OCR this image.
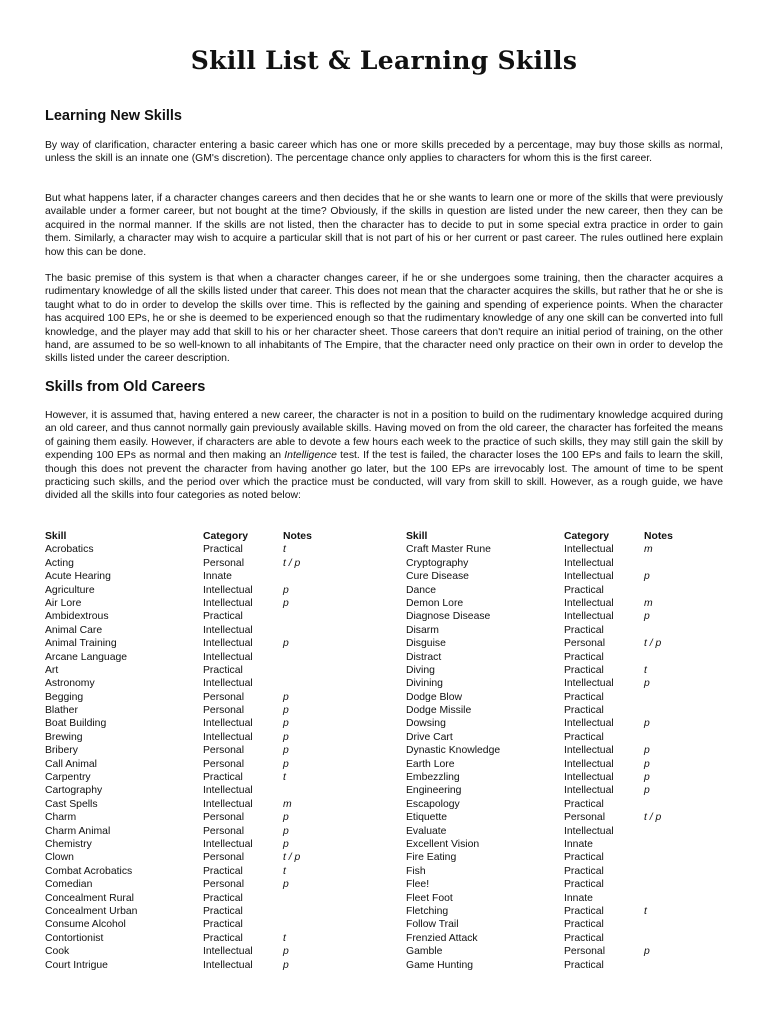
Skill List & Learning Skills
Learning New Skills

By way of clarification, character entering a basic career which has one or more skills preceded by a percentage, may buy those skills as normal, unless the skill is an innate one (GM's discretion). The percentage chance only applies to characters for whom this is the first career.

But what happens later, if a character changes careers and then decides that he or she wants to learn one or more of the skills that were previously available under a former career, but not bought at the time? Obviously, if the skills in question are listed under the new career, then they can be acquired in the normal manner. If the skills are not listed, then the character has to decide to put in some special extra practice in order to gain them. Similarly, a character may wish to acquire a particular skill that is not part of his or her current or past career. The rules outlined here explain how this can be done.

The basic premise of this system is that when a character changes career, if he or she undergoes some training, then the character acquires a rudimentary knowledge of all the skills listed under that career. This does not mean that the character acquires the skills, but rather that he or she is taught what to do in order to develop the skills over time. This is reflected by the gaining and spending of experience points. When the character has acquired 100 EPs, he or she is deemed to be experienced enough so that the rudimentary knowledge of any one skill can be converted into full knowledge, and the player may add that skill to his or her character sheet. Those careers that don't require an initial period of training, on the other hand, are assumed to be so well-known to all inhabitants of The Empire, that the character need only practice on their own in order to develop the skills listed under the career description.

Skills from Old Careers

However, it is assumed that, having entered a new career, the character is not in a position to build on the rudimentary knowledge acquired during an old career, and thus cannot normally gain previously available skills. Having moved on from the old career, the character has forfeited the means of gaining them easily. However, if characters are able to devote a few hours each week to the practice of such skills, they may still gain the skill by expending 100 EPs as normal and then making an Intelligence test. If the test is failed, the character loses the 100 EPs and fails to learn the skill, though this does not prevent the character from having another go later, but the 100 EPs are irrevocably lost. The amount of time to be spent practicing such skills, and the period over which the practice must be conducted, will vary from skill to skill. However, as a rough guide, we have divided all the skills into four categories as noted below:

Skill	Category	Notes
Acrobatics	Practical	t
Acting	Personal	t / p
Acute Hearing	Innate
Agriculture	Intellectual	p
Air Lore	Intellectual	p
Ambidextrous	Practical
Animal Care	Intellectual
Animal Training	Intellectual	p
Arcane Language	Intellectual
Art	Practical
Astronomy	Intellectual
Begging	Personal	p
Blather	Personal	p
Boat Building	Intellectual	p
Brewing	Intellectual	p
Bribery	Personal	p
Call Animal	Personal	p
Carpentry	Practical	t
Cartography	Intellectual
Cast Spells	Intellectual	m
Charm	Personal	p
Charm Animal	Personal	p
Chemistry	Intellectual	p
Clown	Personal	t / p
Combat Acrobatics	Practical	t
Comedian	Personal	p
Concealment Rural	Practical
Concealment Urban	Practical
Consume Alcohol	Practical
Contortionist	Practical	t
Cook	Intellectual	p
Court Intrigue	Intellectual	p
Skill	Category	Notes
Craft Master Rune	Intellectual	m
Cryptography	Intellectual
Cure Disease	Intellectual	p
Dance	Practical
Demon Lore	Intellectual	m
Diagnose Disease	Intellectual	p
Disarm	Practical
Disguise	Personal	t / p
Distract	Practical
Diving	Practical	t
Divining	Intellectual	p
Dodge Blow	Practical
Dodge Missile	Practical
Dowsing	Intellectual	p
Drive Cart	Practical
Dynastic Knowledge	Intellectual	p
Earth Lore	Intellectual	p
Embezzling	Intellectual	p
Engineering	Intellectual	p
Escapology	Practical
Etiquette	Personal	t / p
Evaluate	Intellectual
Excellent Vision	Innate
Fire Eating	Practical
Fish	Practical
Flee!	Practical
Fleet Foot	Innate
Fletching	Practical	t
Follow Trail	Practical
Frenzied Attack	Practical
Gamble	Personal	p
Game Hunting	Practical
